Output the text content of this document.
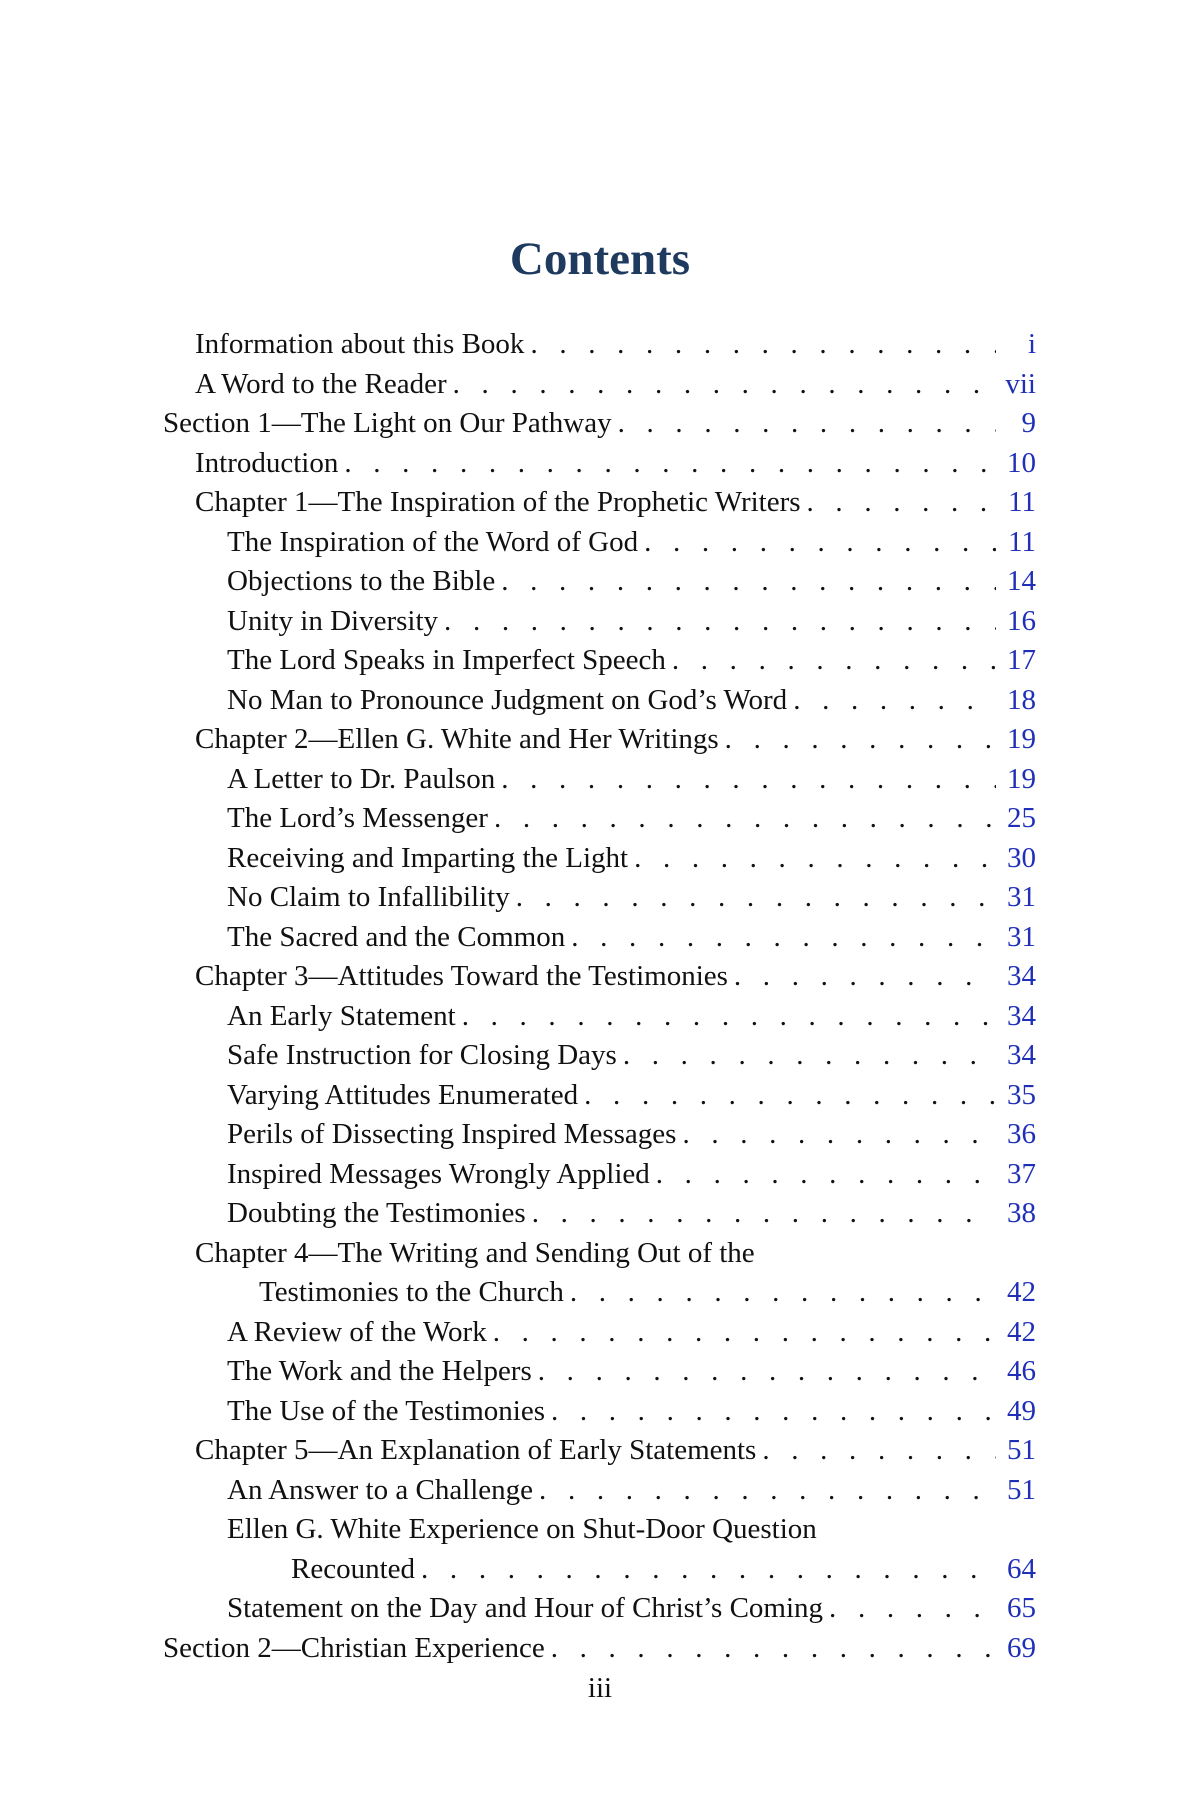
Contents
Information about this Book . . .	i
A Word to the Reader . . .	vii
Section 1—The Light on Our Pathway . . .	9
Introduction . . .	10
Chapter 1—The Inspiration of the Prophetic Writers . . .	11
The Inspiration of the Word of God . . .	11
Objections to the Bible . . .	14
Unity in Diversity . . .	16
The Lord Speaks in Imperfect Speech . . .	17
No Man to Pronounce Judgment on God’s Word . . .	18
Chapter 2—Ellen G. White and Her Writings . . .	19
A Letter to Dr. Paulson . . .	19
The Lord’s Messenger . . .	25
Receiving and Imparting the Light . . .	30
No Claim to Infallibility . . .	31
The Sacred and the Common . . .	31
Chapter 3—Attitudes Toward the Testimonies . . .	34
An Early Statement . . .	34
Safe Instruction for Closing Days . . .	34
Varying Attitudes Enumerated . . .	35
Perils of Dissecting Inspired Messages . . .	36
Inspired Messages Wrongly Applied . . .	37
Doubting the Testimonies . . .	38
Chapter 4—The Writing and Sending Out of the
Testimonies to the Church . . .	42
A Review of the Work . . .	42
The Work and the Helpers . . .	46
The Use of the Testimonies . . .	49
Chapter 5—An Explanation of Early Statements . . .	51
An Answer to a Challenge . . .	51
Ellen G. White Experience on Shut-Door Question
Recounted . . .	64
Statement on the Day and Hour of Christ’s Coming . . .	65
Section 2—Christian Experience . . .	69
iii
